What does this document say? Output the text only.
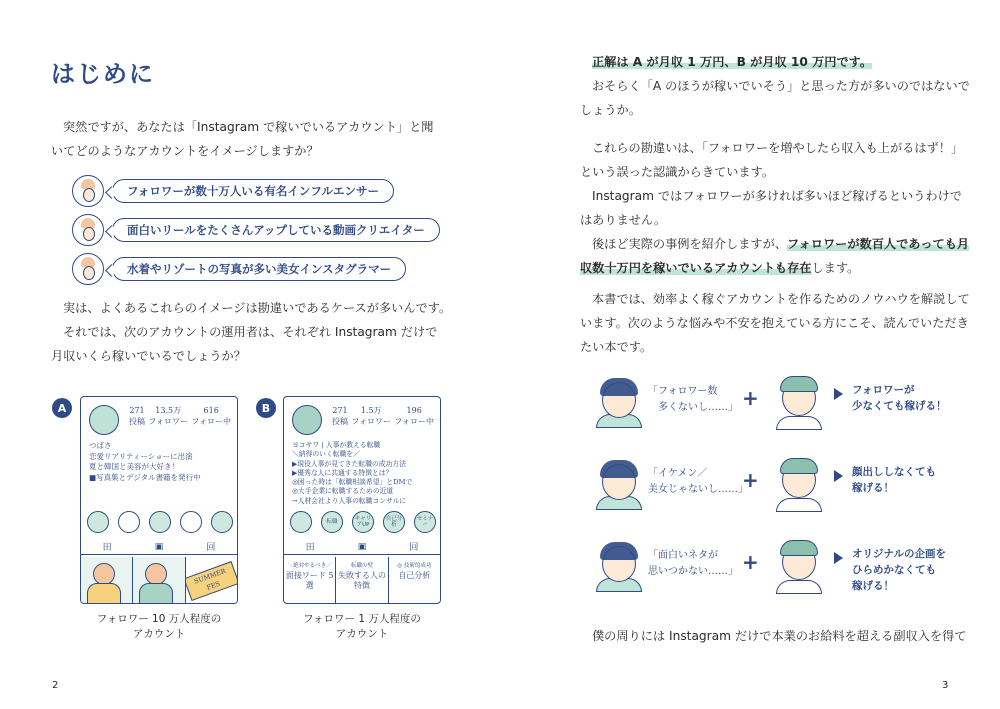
はじめに

突然ですが、あなたは「Instagram で稼いでいるアカウント」と聞

いてどのようなアカウントをイメージしますか？

フォロワーが数十万人いる有名インフルエンサー
面白いリールをたくさんアップしている動画クリエイター
水着やリゾートの写真が多い美女インスタグラマー

実は、よくあるこれらのイメージは勘違いであるケースが多いんです。

それでは、次のアカウントの運用者は、それぞれ Instagram だけで

月収いくら稼いでいるでしょうか？

A	271
投稿
13.5万
フォロワー
616
フォロー中
つばさ
恋愛リアリティーショーに出演
夏と韓国と美容が大好き！
■写真集とデジタル書籍を発行中
田	▣	回
SUMMER FES
フォロワー 10 万人程度の
アカウント
B	271
投稿
1.5万
フォロワー
196
フォロー中
ヨコサワ | 人事が教える転職
＼納得のいく転職を／
▶現役人事が見てきた転職の成功方法
▶優秀な人に共通する特徴とは？
◎困った時は「転職相談希望」とDMで
◎大手企業に転職するための近道
→人材会社より人事の転職コンサルに
転職	キャリアUP
自己分析
セミナー
田	▣	回
＼絶対やるべき／
面接ワード 5選
転職の壁
失敗する人の特徴
◎ 技術的成功
自己分析
フォロワー 1 万人程度の
アカウント
2

正解は A が月収 1 万円、B が月収 10 万円です。

おそらく「A のほうが稼いでいそう」と思った方が多いのではないで

しょうか。

これらの勘違いは、「フォロワーを増やしたら収入も上がるはず！」

という誤った認識からきています。

Instagram ではフォロワーが多ければ多いほど稼げるというわけで

はありません。

後ほど実際の事例を紹介しますが、フォロワーが数百人であっても月

収数十万円を稼いでいるアカウントも存在します。

本書では、効率よく稼ぐアカウントを作るためのノウハウを解説して

います。次のような悩みや不安を抱えている方にこそ、読んでいただき

たい本です。

僕の周りには Instagram だけで本業のお給料を超える副収入を得て

3
「フォロワー数
多くないし……」 +	フォロワーが
少なくても稼げる！
「イケメン／
美女じゃないし……」
+	顔出ししなくても
稼げる！
「面白いネタが
思いつかない……」 +	オリジナルの企画を
ひらめかなくても
稼げる！
